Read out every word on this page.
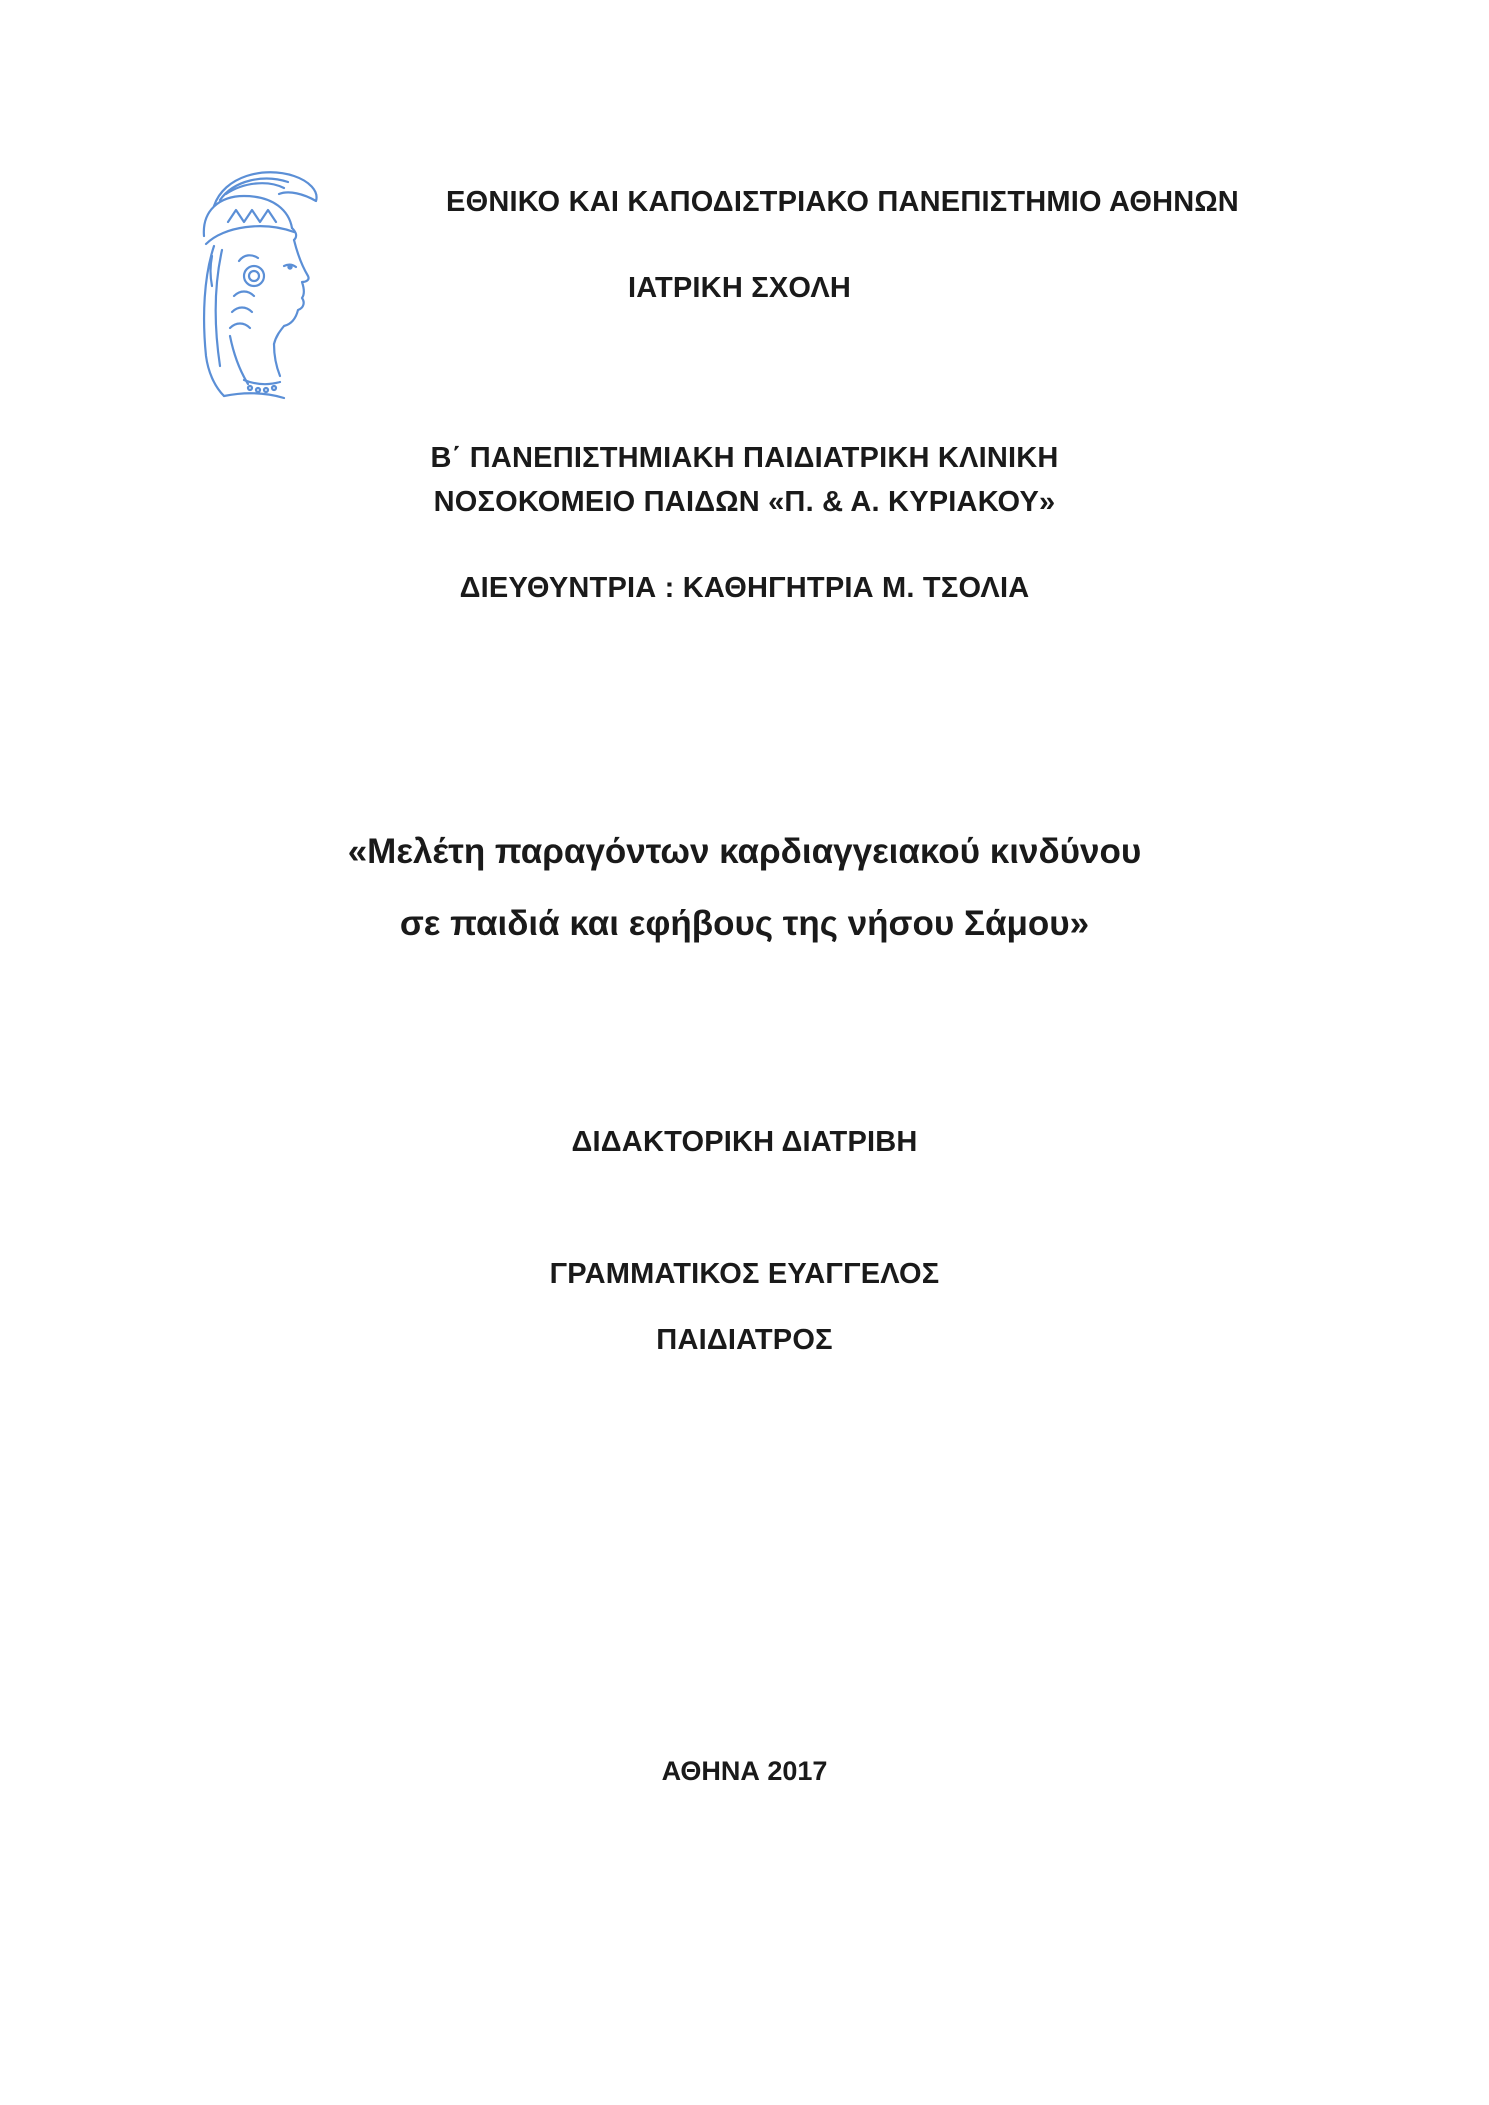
ΕΘΝΙΚΟ ΚΑΙ ΚΑΠΟΔΙΣΤΡΙΑΚΟ ΠΑΝΕΠΙΣΤΗΜΙΟ ΑΘΗΝΩΝ
ΙΑΤΡΙΚΗ ΣΧΟΛΗ
Β΄ ΠΑΝΕΠΙΣΤΗΜΙΑΚΗ ΠΑΙΔΙΑΤΡΙΚΗ ΚΛΙΝΙΚΗ
ΝΟΣΟΚΟΜΕΙΟ ΠΑΙΔΩΝ «Π. & Α. ΚΥΡΙΑΚΟΥ»
ΔΙΕΥΘΥΝΤΡΙΑ : ΚΑΘΗΓΗΤΡΙΑ Μ. ΤΣΟΛΙΑ
«Μελέτη παραγόντων καρδιαγγειακού κινδύνου
σε παιδιά και εφήβους της νήσου Σάμου»
ΔΙΔΑΚΤΟΡΙΚΗ ΔΙΑΤΡΙΒΗ
ΓΡΑΜΜΑΤΙΚΟΣ ΕΥΑΓΓΕΛΟΣ
ΠΑΙΔΙΑΤΡΟΣ
ΑΘΗΝΑ 2017
